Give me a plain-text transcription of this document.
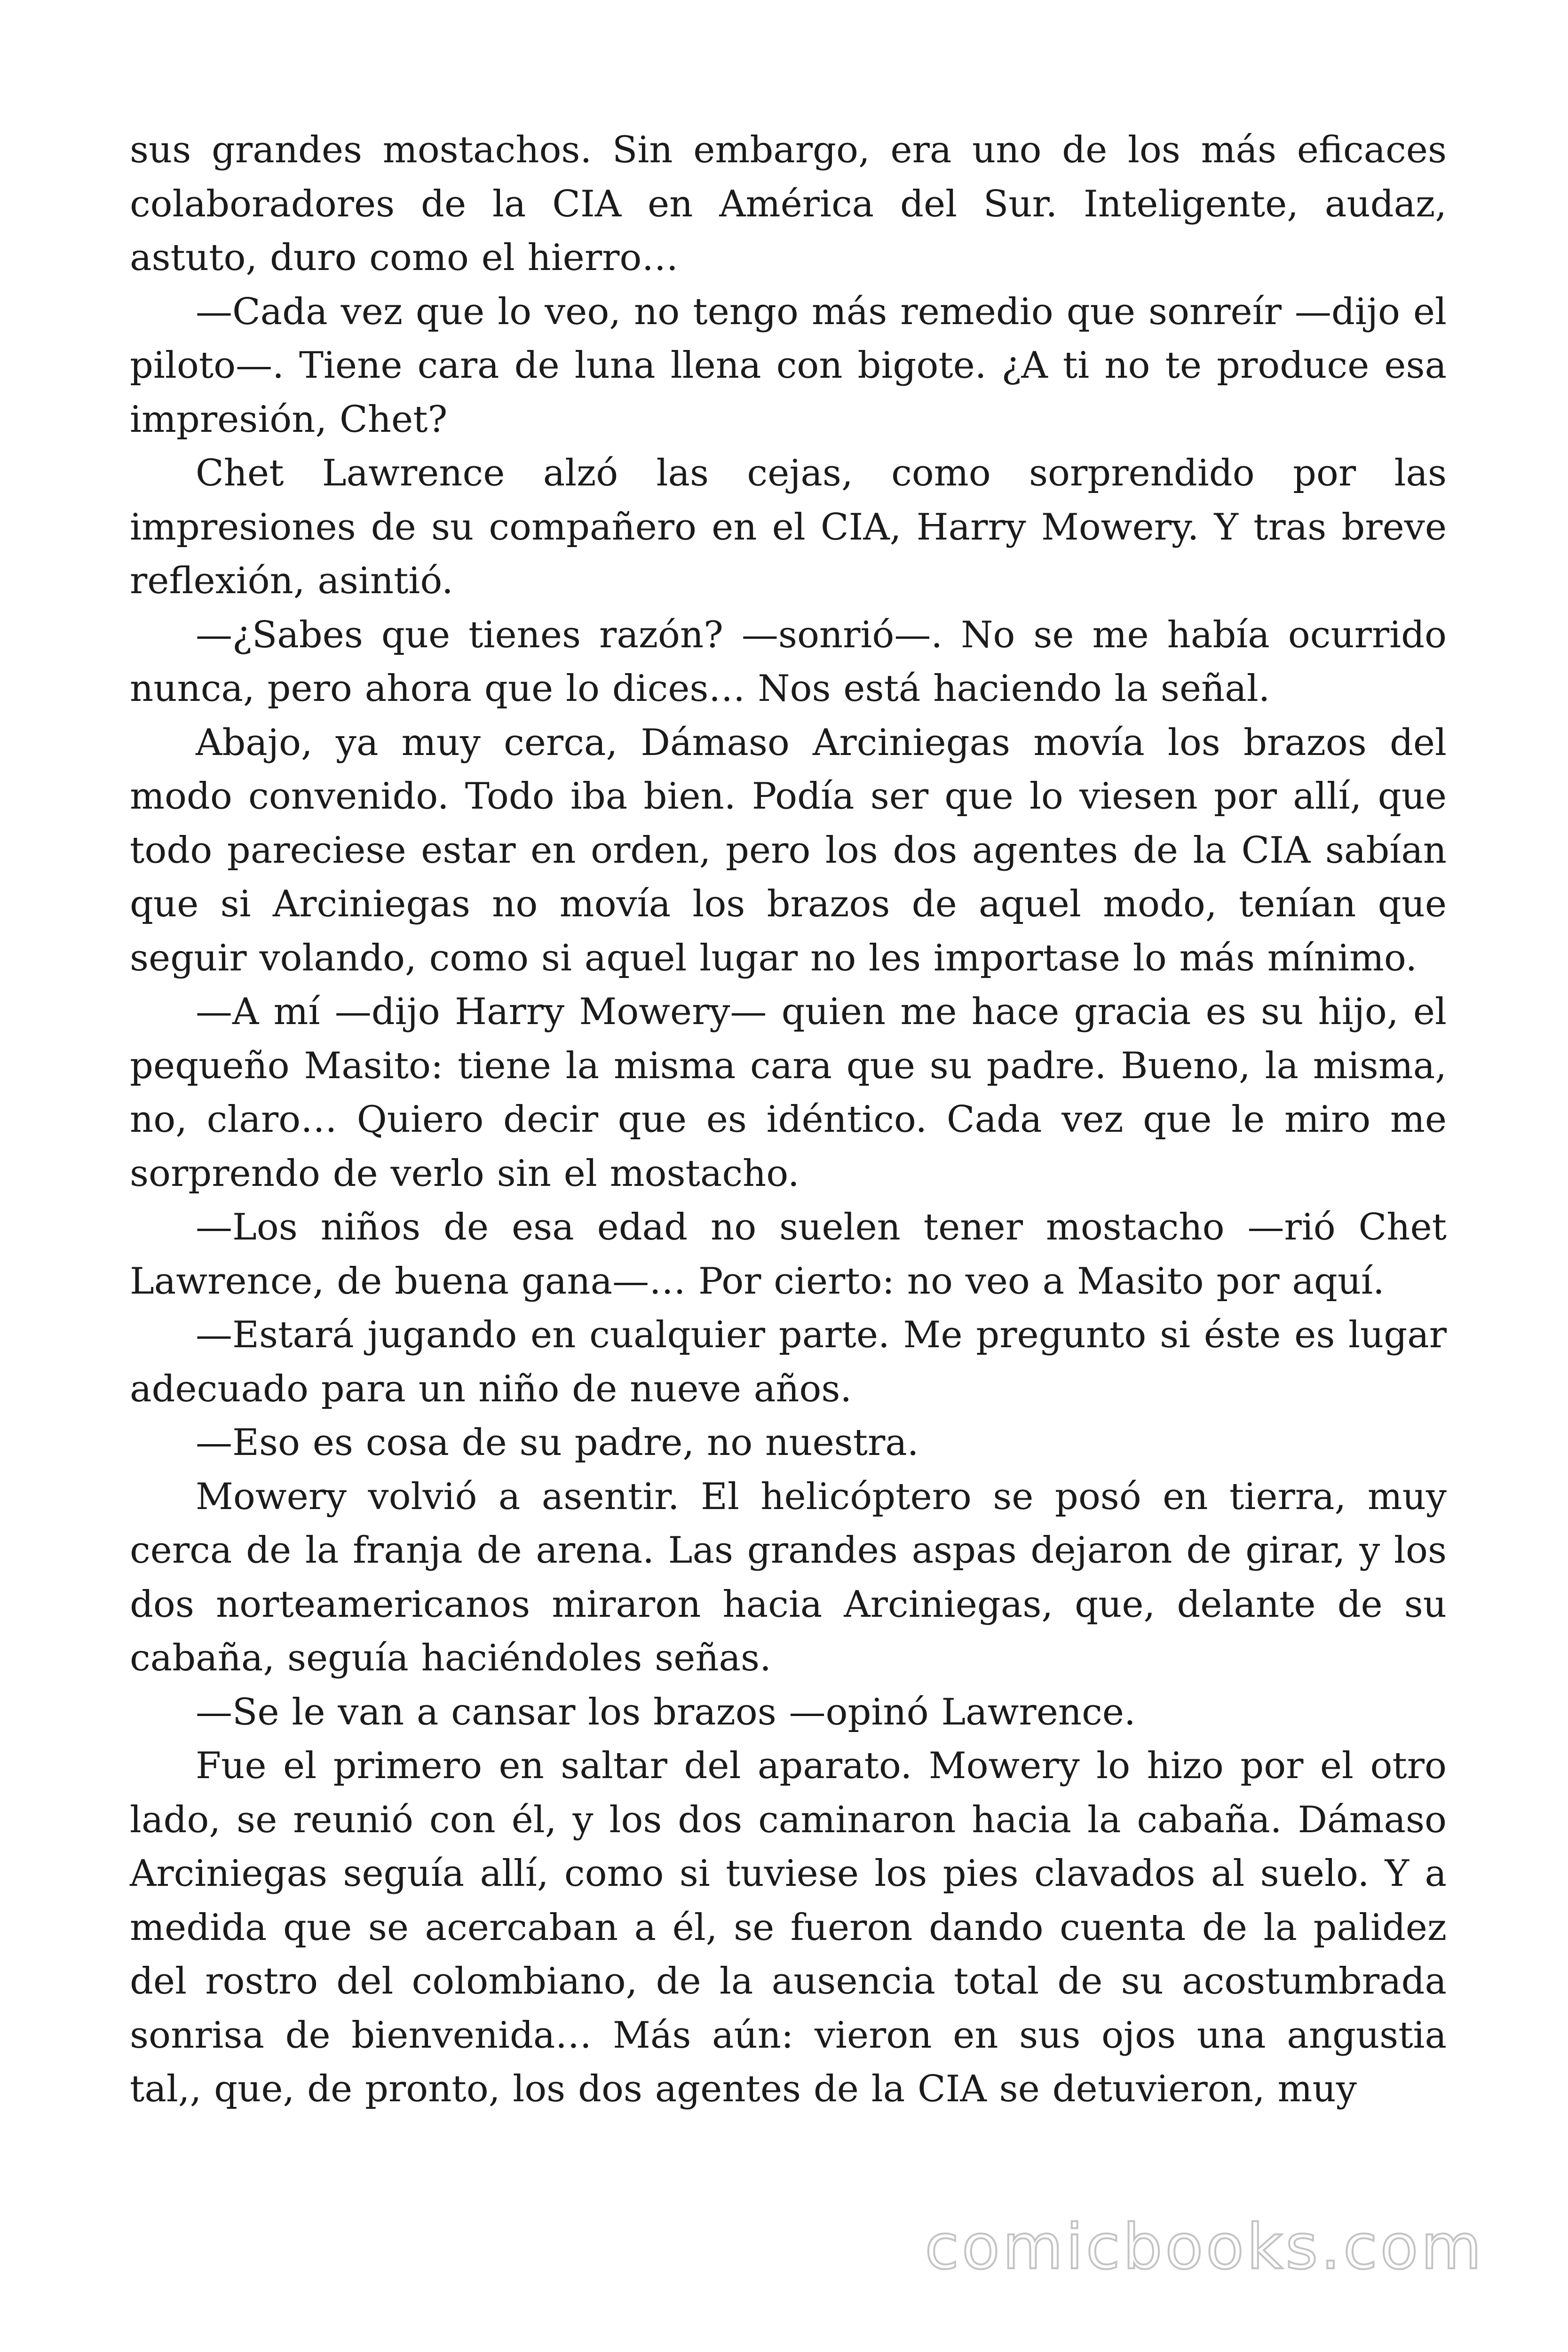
sus grandes mostachos. Sin embargo, era uno de los más eficaces colaboradores de la CIA en América del Sur. Inteligente, audaz, astuto, duro como el hierro…

—Cada vez que lo veo, no tengo más remedio que sonreír —dijo el piloto—. Tiene cara de luna llena con bigote. ¿A ti no te produce esa impresión, Chet?

Chet Lawrence alzó las cejas, como sorprendido por las impresiones de su compañero en el CIA, Harry Mowery. Y tras breve reflexión, asintió.

—¿Sabes que tienes razón? —sonrió—. No se me había ocurrido nunca, pero ahora que lo dices… Nos está haciendo la señal.

Abajo, ya muy cerca, Dámaso Arciniegas movía los brazos del modo convenido. Todo iba bien. Podía ser que lo viesen por allí, que todo pareciese estar en orden, pero los dos agentes de la CIA sabían que si Arciniegas no movía los brazos de aquel modo, tenían que seguir volando, como si aquel lugar no les importase lo más mínimo.

—A mí —dijo Harry Mowery— quien me hace gracia es su hijo, el pequeño Masito: tiene la misma cara que su padre. Bueno, la misma, no, claro… Quiero decir que es idéntico. Cada vez que le miro me sorprendo de verlo sin el mostacho.

—Los niños de esa edad no suelen tener mostacho —rió Chet Lawrence, de buena gana—… Por cierto: no veo a Masito por aquí.

—Estará jugando en cualquier parte. Me pregunto si éste es lugar adecuado para un niño de nueve años.

—Eso es cosa de su padre, no nuestra.

Mowery volvió a asentir. El helicóptero se posó en tierra, muy cerca de la franja de arena. Las grandes aspas dejaron de girar, y los dos norteamericanos miraron hacia Arciniegas, que, delante de su cabaña, seguía haciéndoles señas.

—Se le van a cansar los brazos —opinó Lawrence.

Fue el primero en saltar del aparato. Mowery lo hizo por el otro lado, se reunió con él, y los dos caminaron hacia la cabaña. Dámaso Arciniegas seguía allí, como si tuviese los pies clavados al suelo. Y a medida que se acercaban a él, se fueron dando cuenta de la palidez del rostro del colombiano, de la ausencia total de su acostumbrada sonrisa de bienvenida… Más aún: vieron en sus ojos una angustia tal,, que, de pronto, los dos agentes de la CIA se detuvieron, muy

comicbooks.com
